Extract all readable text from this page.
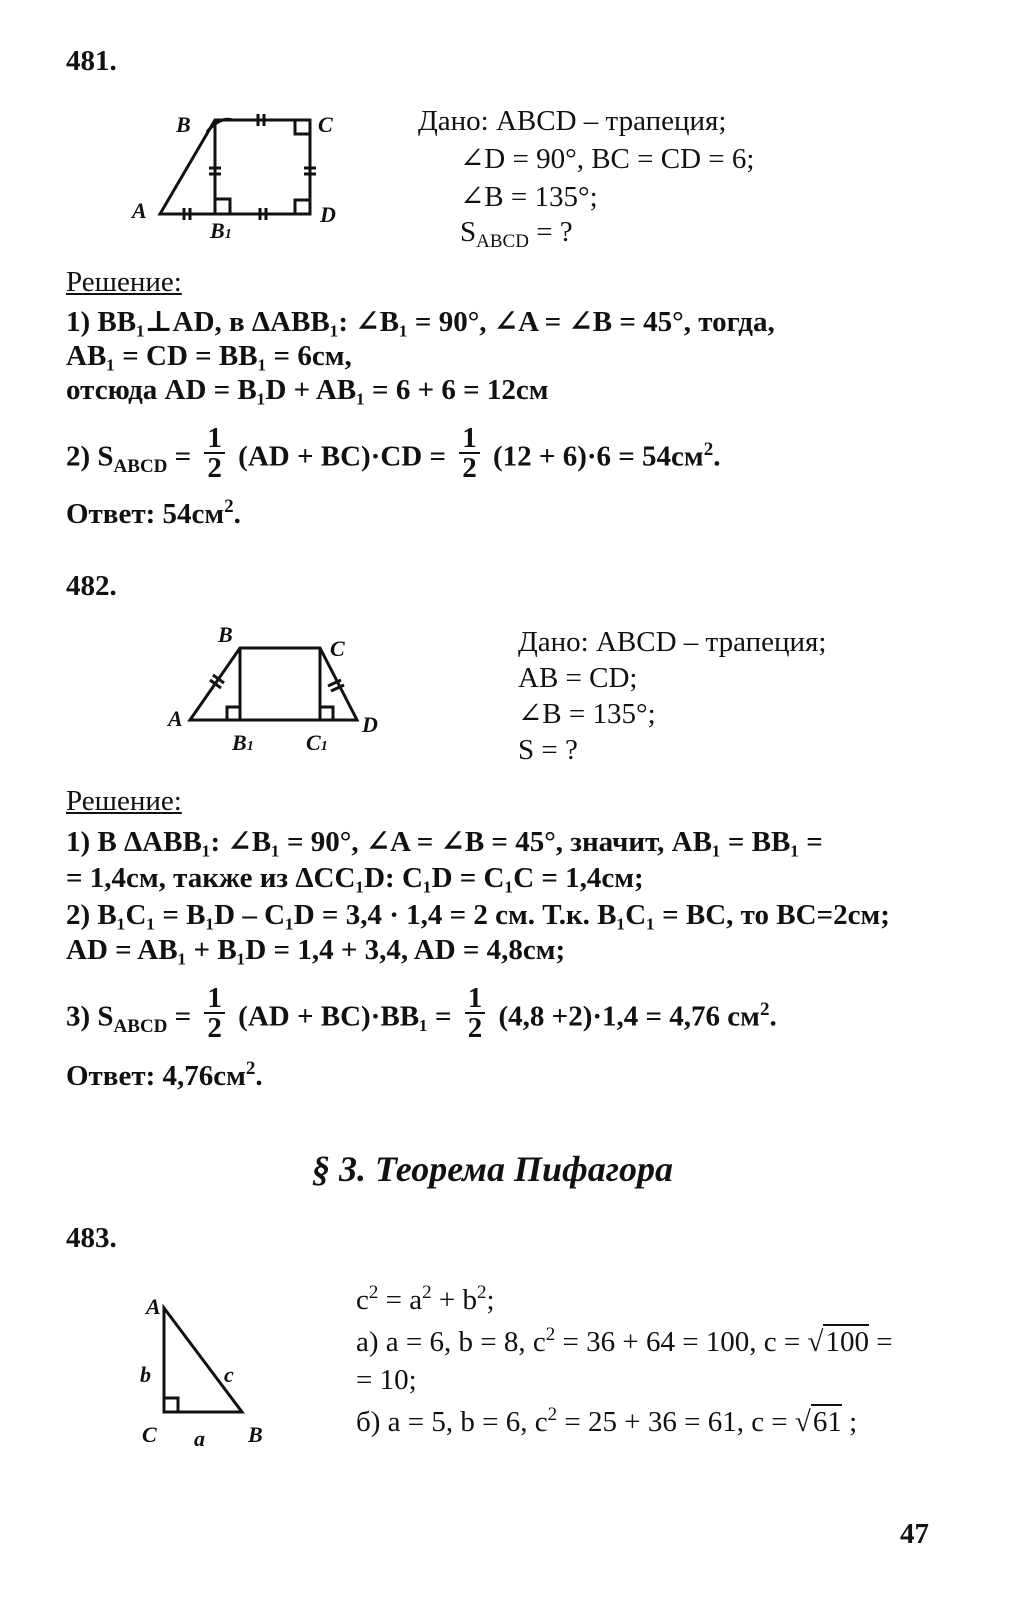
481.
B	C
A	D
B1
Дано: ABCD – трапеция;
∠D = 90°, BC = CD = 6;
∠B = 135°;
$S_{ABCD}$ = ?
Решение:
1) BB₁⊥AD, в ΔABB₁: ∠B₁ = 90°, ∠A = ∠B = 45°, тогда,
AB₁ = CD = BB₁ = 6см,
отсюда AD = B₁D + AB₁ = 6 + 6 = 12см
2) $S_{ABCD} = \frac{1}{2} (AD + BC)\cdot CD = \frac{1}{2} (12 + 6)\cdot 6 = 54см^2$.
Ответ: $54см^2$.
482.
B
C
A	D
B1 C1
Дано: ABCD – трапеция;
AB = CD;
∠B = 135°;
S = ?
Решение:
1) В ΔABB₁: ∠B₁ = 90°, ∠A = ∠B = 45°, значит, AB₁ = BB₁ =
= 1,4см, также из ΔCC₁D: C₁D = C₁C = 1,4см;
2) B₁C₁ = B₁D – C₁D = 3,4 · 1,4 = 2 см. Т.к. B₁C₁ = BC, то BC=2см;
AD = AB₁ + B₁D = 1,4 + 3,4, AD = 4,8см;
3) $S_{ABCD} = \frac{1}{2} (AD + BC)\cdot BB_1 = \frac{1}{2} (4,8 +2)\cdot 1,4 = 4,76$ $см^2$.
Ответ: $4,76см^2$.
§ 3. Теорема Пифагора
483.
A
b	c
C a B
$c^2 = a^2 + b^2$;
а) a = 6, b = 8, $c^2 = 36 + 64 = 100$, c = √100 =
= 10;
б) a = 5, b = 6, $c^2 = 25 + 36 = 61$, c = √61 ;
47
